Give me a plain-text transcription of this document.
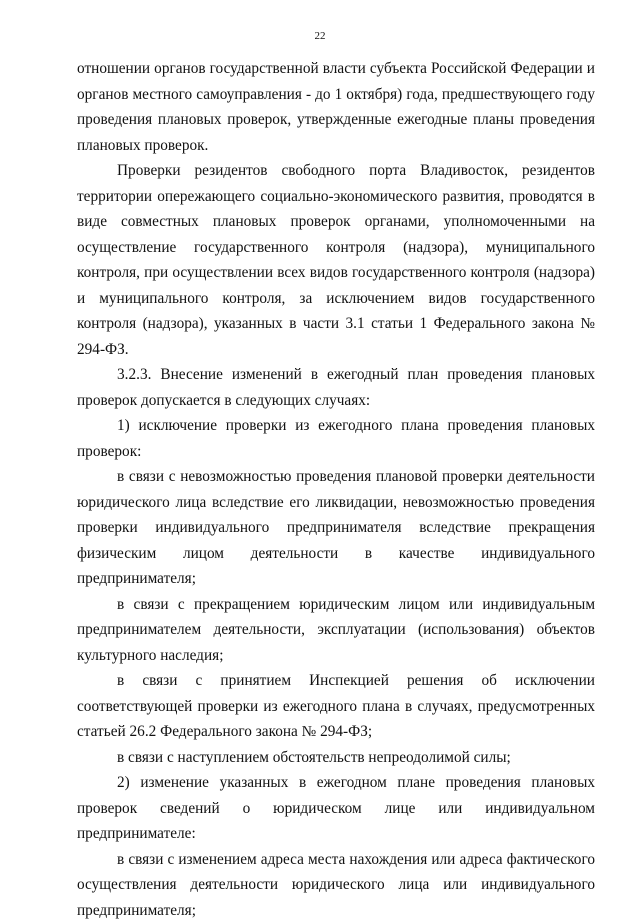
22

отношении органов государственной власти субъекта Российской Федерации и органов местного самоуправления - до 1 октября) года, предшествующего году проведения плановых проверок, утвержденные ежегодные планы проведения плановых проверок.

Проверки резидентов свободного порта Владивосток, резидентов территории опережающего социально-экономического развития, проводятся в виде совместных плановых проверок органами, уполномоченными на осуществление государственного контроля (надзора), муниципального контроля, при осуществлении всех видов государственного контроля (надзора) и муниципального контроля, за исключением видов государственного контроля (надзора), указанных в части 3.1 статьи 1 Федерального закона № 294-ФЗ.

3.2.3. Внесение изменений в ежегодный план проведения плановых проверок допускается в следующих случаях:

1) исключение проверки из ежегодного плана проведения плановых проверок:

в связи с невозможностью проведения плановой проверки деятельности юридического лица вследствие его ликвидации, невозможностью проведения проверки индивидуального предпринимателя вследствие прекращения физическим лицом деятельности в качестве индивидуального предпринимателя;

в связи с прекращением юридическим лицом или индивидуальным предпринимателем деятельности, эксплуатации (использования) объектов культурного наследия;

в связи с принятием Инспекцией решения об исключении соответствующей проверки из ежегодного плана в случаях, предусмотренных статьей 26.2 Федерального закона № 294-ФЗ;

в связи с наступлением обстоятельств непреодолимой силы;

2) изменение указанных в ежегодном плане проведения плановых проверок сведений о юридическом лице или индивидуальном предпринимателе:

в связи с изменением адреса места нахождения или адреса фактического осуществления деятельности юридического лица или индивидуального предпринимателя;
